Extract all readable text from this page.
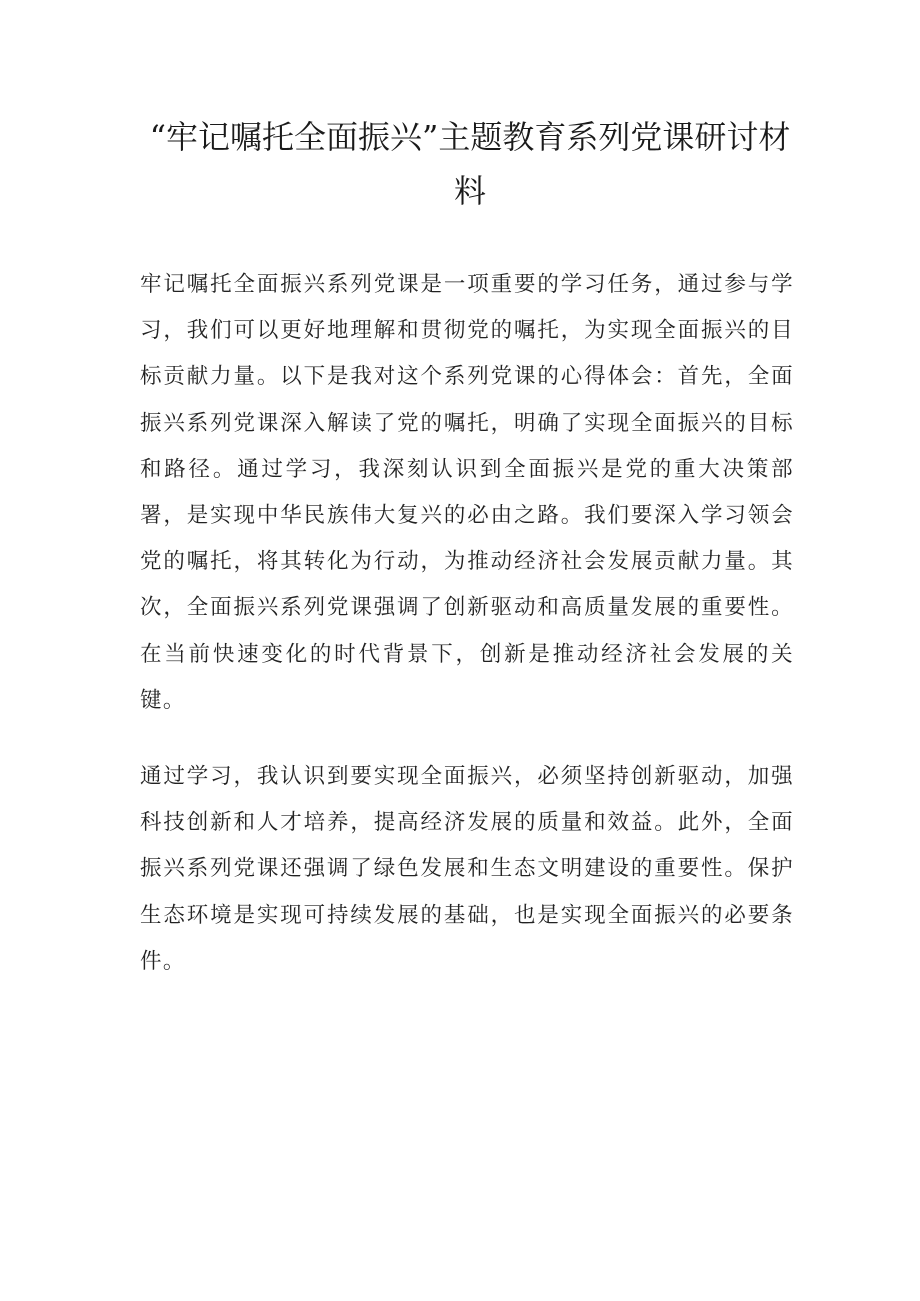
“牢记嘱托全面振兴”主题教育系列党课研讨材料

牢记嘱托全面振兴系列党课是一项重要的学习任务，通过参与学习，我们可以更好地理解和贯彻党的嘱托，为实现全面振兴的目标贡献力量。以下是我对这个系列党课的心得体会：首先，全面振兴系列党课深入解读了党的嘱托，明确了实现全面振兴的目标和路径。通过学习，我深刻认识到全面振兴是党的重大决策部署，是实现中华民族伟大复兴的必由之路。我们要深入学习领会党的嘱托，将其转化为行动，为推动经济社会发展贡献力量。其次，全面振兴系列党课强调了创新驱动和高质量发展的重要性。在当前快速变化的时代背景下，创新是推动经济社会发展的关键。

通过学习，我认识到要实现全面振兴，必须坚持创新驱动，加强科技创新和人才培养，提高经济发展的质量和效益。此外，全面振兴系列党课还强调了绿色发展和生态文明建设的重要性。保护生态环境是实现可持续发展的基础，也是实现全面振兴的必要条件。
